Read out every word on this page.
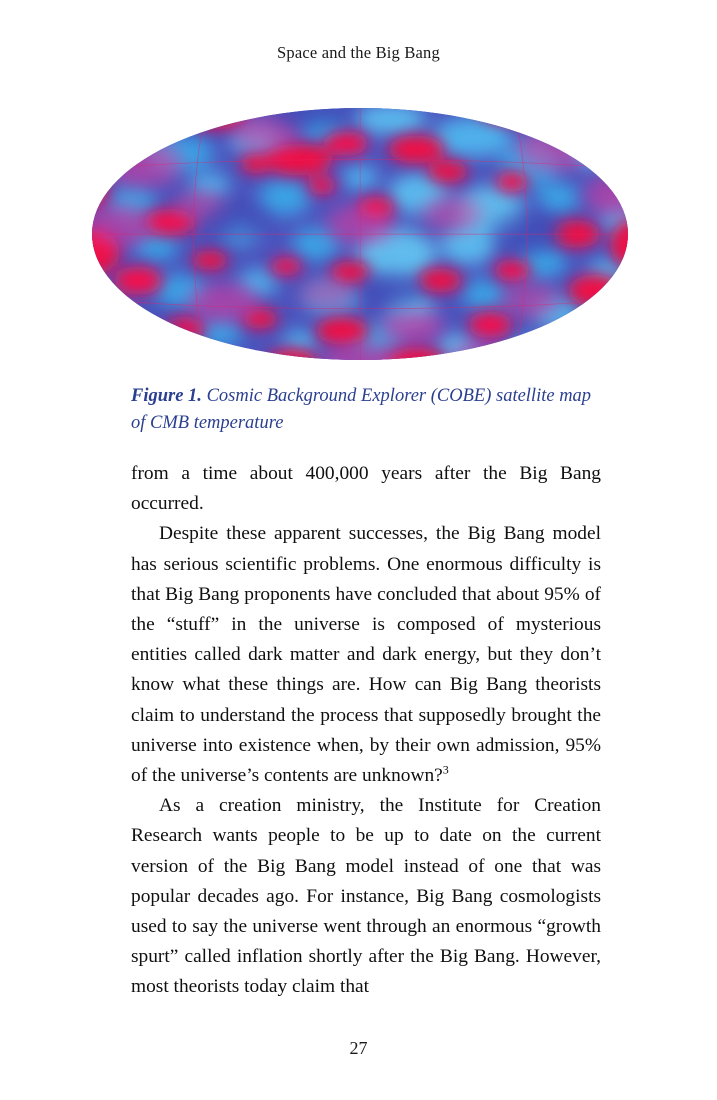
Space and the Big Bang
Figure 1. Cosmic Background Explorer (COBE) satellite map of CMB temperature

from a time about 400,000 years after the Big Bang occurred.

Despite these apparent successes, the Big Bang model has serious scientific problems. One enormous difficulty is that Big Bang proponents have concluded that about 95% of the “stuff” in the universe is composed of mysterious entities called dark matter and dark energy, but they don’t know what these things are. How can Big Bang theorists claim to understand the process that supposedly brought the universe into existence when, by their own admission, 95% of the universe’s contents are unknown?$^3$

As a creation ministry, the Institute for Creation Research wants people to be up to date on the current version of the Big Bang model instead of one that was popular decades ago. For instance, Big Bang cosmologists used to say the universe went through an enormous “growth spurt” called inflation shortly after the Big Bang. However, most theorists today claim that

27
